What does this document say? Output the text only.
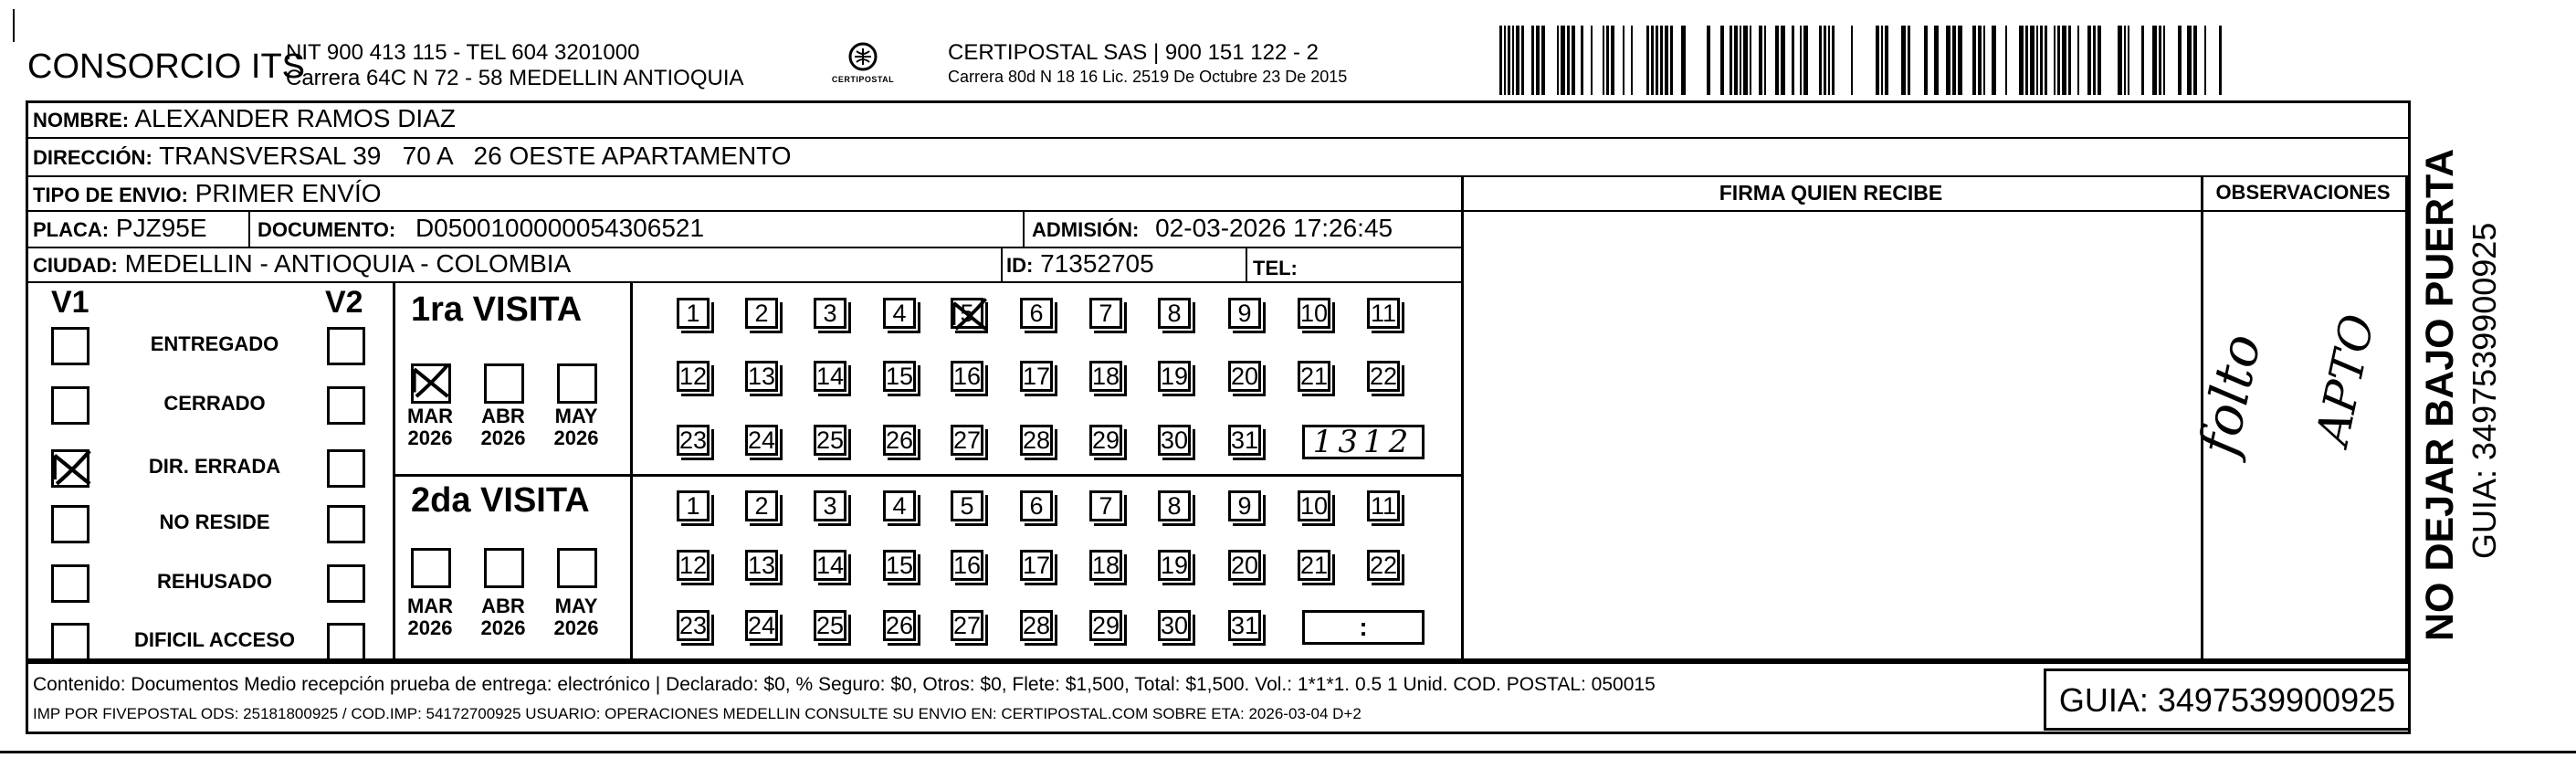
CONSORCIO ITS
NIT 900 413 115 - TEL 604 3201000
Carrera 64C N 72 - 58 MEDELLIN ANTIOQUIA	CERTIPOSTAL
CERTIPOSTAL SAS | 900 151 122 - 2
Carrera 80d N 18 16 Lic. 2519 De Octubre 23 De 2015
NOMBRE: ALEXANDER RAMOS DIAZ
DIRECCIÓN: TRANSVERSAL 39   70 A   26 OESTE APARTAMENTO
TIPO DE ENVIO: PRIMER ENVÍO
PLACA: PJZ95E	DOCUMENTO: D0500100000054306521	ADMISIÓN: 02-03-2026 17:26:45
CIUDAD: MEDELLIN - ANTIOQUIA - COLOMBIA	ID: 71352705	TEL:
FIRMA QUIEN RECIBE	OBSERVACIONES
folto APTO
V1	V2
ENTREGADO
CERRADO
DIR. ERRADA
NO RESIDE
REHUSADO
DIFICIL ACCESO
1ra VISITA
2da VISITA
MAR
2026
ABR
2026
MAY
2026
MAR
2026
ABR
2026
MAY
2026
1	2	3	4	5	6	7	8	9	10 11
12 13 14 15 16 17 18 19 20 21 22
23 24 25 26 27 28 29 30 31	1312
1	2	3	4	5	6	7	8	9	10 11
12 13 14 15 16 17 18 19 20 21 22
23 24 25 26 27 28 29 30 31	:	NO DEJAR BAJO PUERTA GUIA: 3497539900925
Contenido: Documentos Medio recepción prueba de entrega: electrónico | Declarado: $0, % Seguro: $0, Otros: $0, Flete: $1,500, Total: $1,500. Vol.: 1*1*1. 0.5 1 Unid. COD. POSTAL: 050015
IMP POR FIVEPOSTAL ODS: 25181800925 / COD.IMP: 54172700925 USUARIO: OPERACIONES MEDELLIN CONSULTE SU ENVIO EN: CERTIPOSTAL.COM SOBRE ETA: 2026-03-04 D+2	GUIA: 3497539900925
